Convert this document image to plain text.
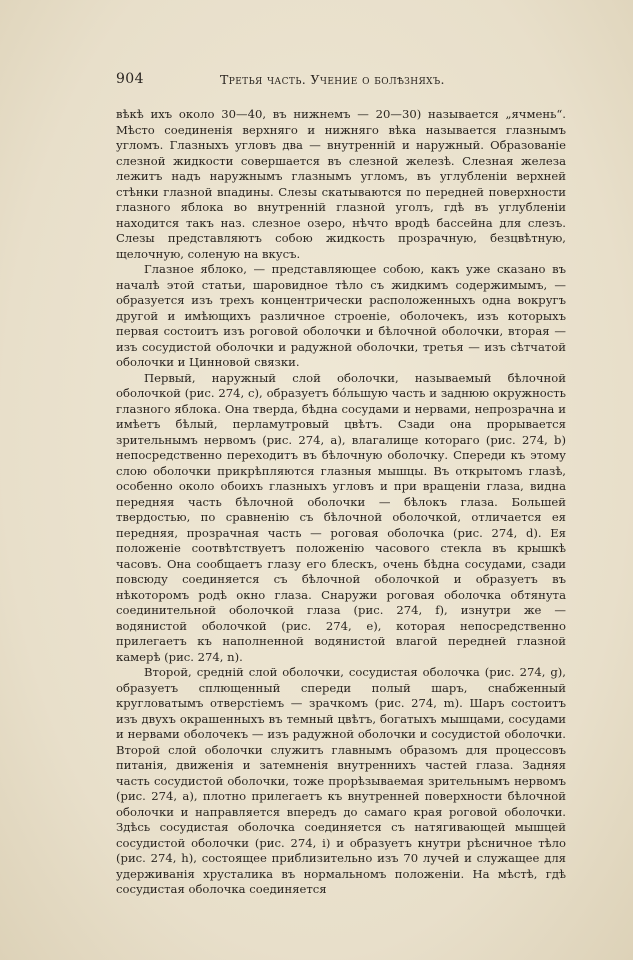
904	Третья часть. Учение о болѣзняхъ.

вѣкѣ ихъ около 30—40, въ нижнемъ — 20—30) называется „ячмень“. Мѣсто соединенія верхняго и нижняго вѣка называется глазнымъ угломъ. Глазныхъ угловъ два — внутренній и наружный. Образованіе слезной жидкости совершается въ слезной железѣ. Слезная железа лежитъ надъ наружнымъ глазнымъ угломъ, въ углубленіи верхней стѣнки глазной впадины. Слезы скатываются по передней поверхности глазного яблока во внутренній глазной уголъ, гдѣ въ углубленіи находится такъ наз. слезное озеро, нѣчто вродѣ бассейна для слезъ. Слезы представляютъ собою жидкость прозрачную, безцвѣтную, щелочную, соленую на вкусъ.

Глазное яблоко, — представляющее собою, какъ уже сказано въ началѣ этой статьи, шаровидное тѣло съ жидкимъ содержимымъ, — образуется изъ трехъ концентрически расположенныхъ одна вокругъ другой и имѣющихъ различное строеніе, оболочекъ, изъ которыхъ первая состоитъ изъ роговой оболочки и бѣлочной оболочки, вторая — изъ сосудистой оболочки и радужной оболочки, третья — изъ сѣтчатой оболочки и Цинновой связки.

Первый, наружный слой оболочки, называемый бѣлочной оболочкой (рис. 274, c), образуетъ бóльшую часть и заднюю окружность глазного яблока. Она тверда, бѣдна сосудами и нервами, непрозрачна и имѣетъ бѣлый, перламутровый цвѣтъ. Сзади она прорывается зрительнымъ нервомъ (рис. 274, a), влагалище котораго (рис. 274, b) непосредственно переходитъ въ бѣлочную оболочку. Спереди къ этому слою оболочки прикрѣпляются глазныя мышцы. Въ открытомъ глазѣ, особенно около обоихъ глазныхъ угловъ и при вращеніи глаза, видна передняя часть бѣлочной оболочки — бѣлокъ глаза. Большей твердостью, по сравненію съ бѣлочной оболочкой, отличается ея передняя, прозрачная часть — роговая оболочка (рис. 274, d). Ея положеніе соотвѣтствуетъ положенію часового стекла въ крышкѣ часовъ. Она сообщаетъ глазу его блескъ, очень бѣдна сосудами, сзади повсюду соединяется съ бѣлочной оболочкой и образуетъ въ нѣкоторомъ родѣ окно глаза. Снаружи роговая оболочка обтянута соединительной оболочкой глаза (рис. 274, f), изнутри же — водянистой оболочкой (рис. 274, e), которая непосредственно прилегаетъ къ наполненной водянистой влагой передней глазной камерѣ (рис. 274, n).

Второй, средній слой оболочки, сосудистая оболочка (рис. 274, g), образуетъ сплющенный спереди полый шаръ, снабженный кругловатымъ отверстіемъ — зрачкомъ (рис. 274, m). Шаръ состоитъ изъ двухъ окрашенныхъ въ темный цвѣтъ, богатыхъ мышцами, сосудами и нервами оболочекъ — изъ радужной оболочки и сосудистой оболочки. Второй слой оболочки служитъ главнымъ образомъ для процессовъ питанія, движенія и затемненія внутреннихъ частей глаза. Задняя часть сосудистой оболочки, тоже прорѣзываемая зрительнымъ нервомъ (рис. 274, a), плотно прилегаетъ къ внутренней поверхности бѣлочной оболочки и направляется впередъ до самаго края роговой оболочки. Здѣсь сосудистая оболочка соединяется съ натягивающей мышцей сосудистой оболочки (рис. 274, i) и образуетъ кнутри рѣсничное тѣло (рис. 274, h), состоящее приблизительно изъ 70 лучей и служащее для удерживанія хрусталика въ нормальномъ положеніи. На мѣстѣ, гдѣ сосудистая оболочка соединяется
